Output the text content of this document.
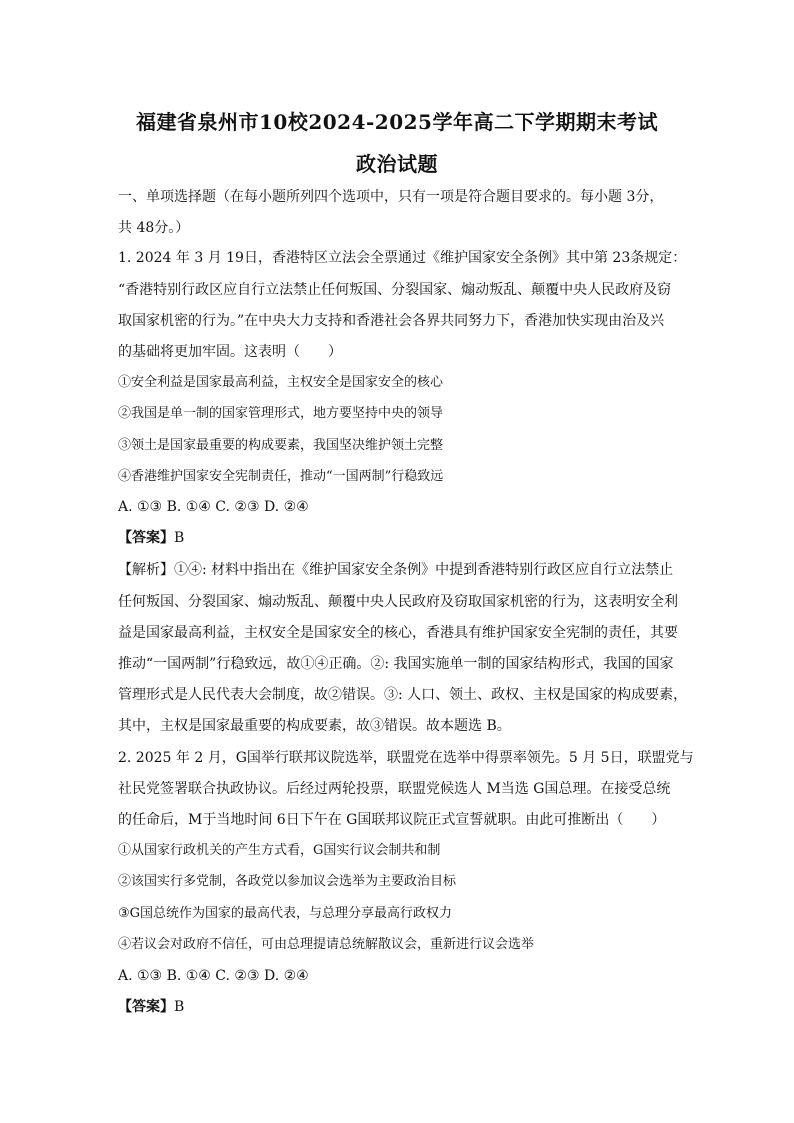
福建省泉州市10校2024-2025学年高二下学期期末考试
政治试题
一、单项选择题（在每小题所列四个选项中，只有一项是符合题目要求的。每小题 3分，
共 48分。）
1. 2024 年 3 月 19日，香港特区立法会全票通过《维护国家安全条例》其中第 23条规定：
“香港特别行政区应自行立法禁止任何叛国、分裂国家、煽动叛乱、颠覆中央人民政府及窃
取国家机密的行为。”在中央大力支持和香港社会各界共同努力下，香港加快实现由治及兴
的基础将更加牢固。这表明（　　）
①安全利益是国家最高利益，主权安全是国家安全的核心
②我国是单一制的国家管理形式，地方要坚持中央的领导
③领土是国家最重要的构成要素，我国坚决维护领土完整
④香港维护国家安全宪制责任，推动“一国两制”行稳致远
A. ①③ B. ①④ C. ②③ D. ②④
【答案】B
【解析】①④: 材料中指出在《维护国家安全条例》中提到香港特别行政区应自行立法禁止
任何叛国、分裂国家、煽动叛乱、颠覆中央人民政府及窃取国家机密的行为，这表明安全利
益是国家最高利益，主权安全是国家安全的核心，香港具有维护国家安全宪制的责任，其要
推动“一国两制”行稳致远，故①④正确。②: 我国实施单一制的国家结构形式，我国的国家
管理形式是人民代表大会制度，故②错误。③: 人口、领土、政权、主权是国家的构成要素，
其中，主权是国家最重要的构成要素，故③错误。故本题选 B。
2. 2025 年 2 月，G国举行联邦议院选举，联盟党在选举中得票率领先。5 月 5日，联盟党与
社民党签署联合执政协议。后经过两轮投票，联盟党候选人 M当选 G国总理。在接受总统
的任命后，M于当地时间 6日下午在 G国联邦议院正式宣誓就职。由此可推断出（　　）
①从国家行政机关的产生方式看，G国实行议会制共和制
②该国实行多党制，各政党以参加议会选举为主要政治目标
③G国总统作为国家的最高代表，与总理分享最高行政权力
④若议会对政府不信任，可由总理提请总统解散议会，重新进行议会选举
A. ①③ B. ①④ C. ②③ D. ②④
【答案】B
